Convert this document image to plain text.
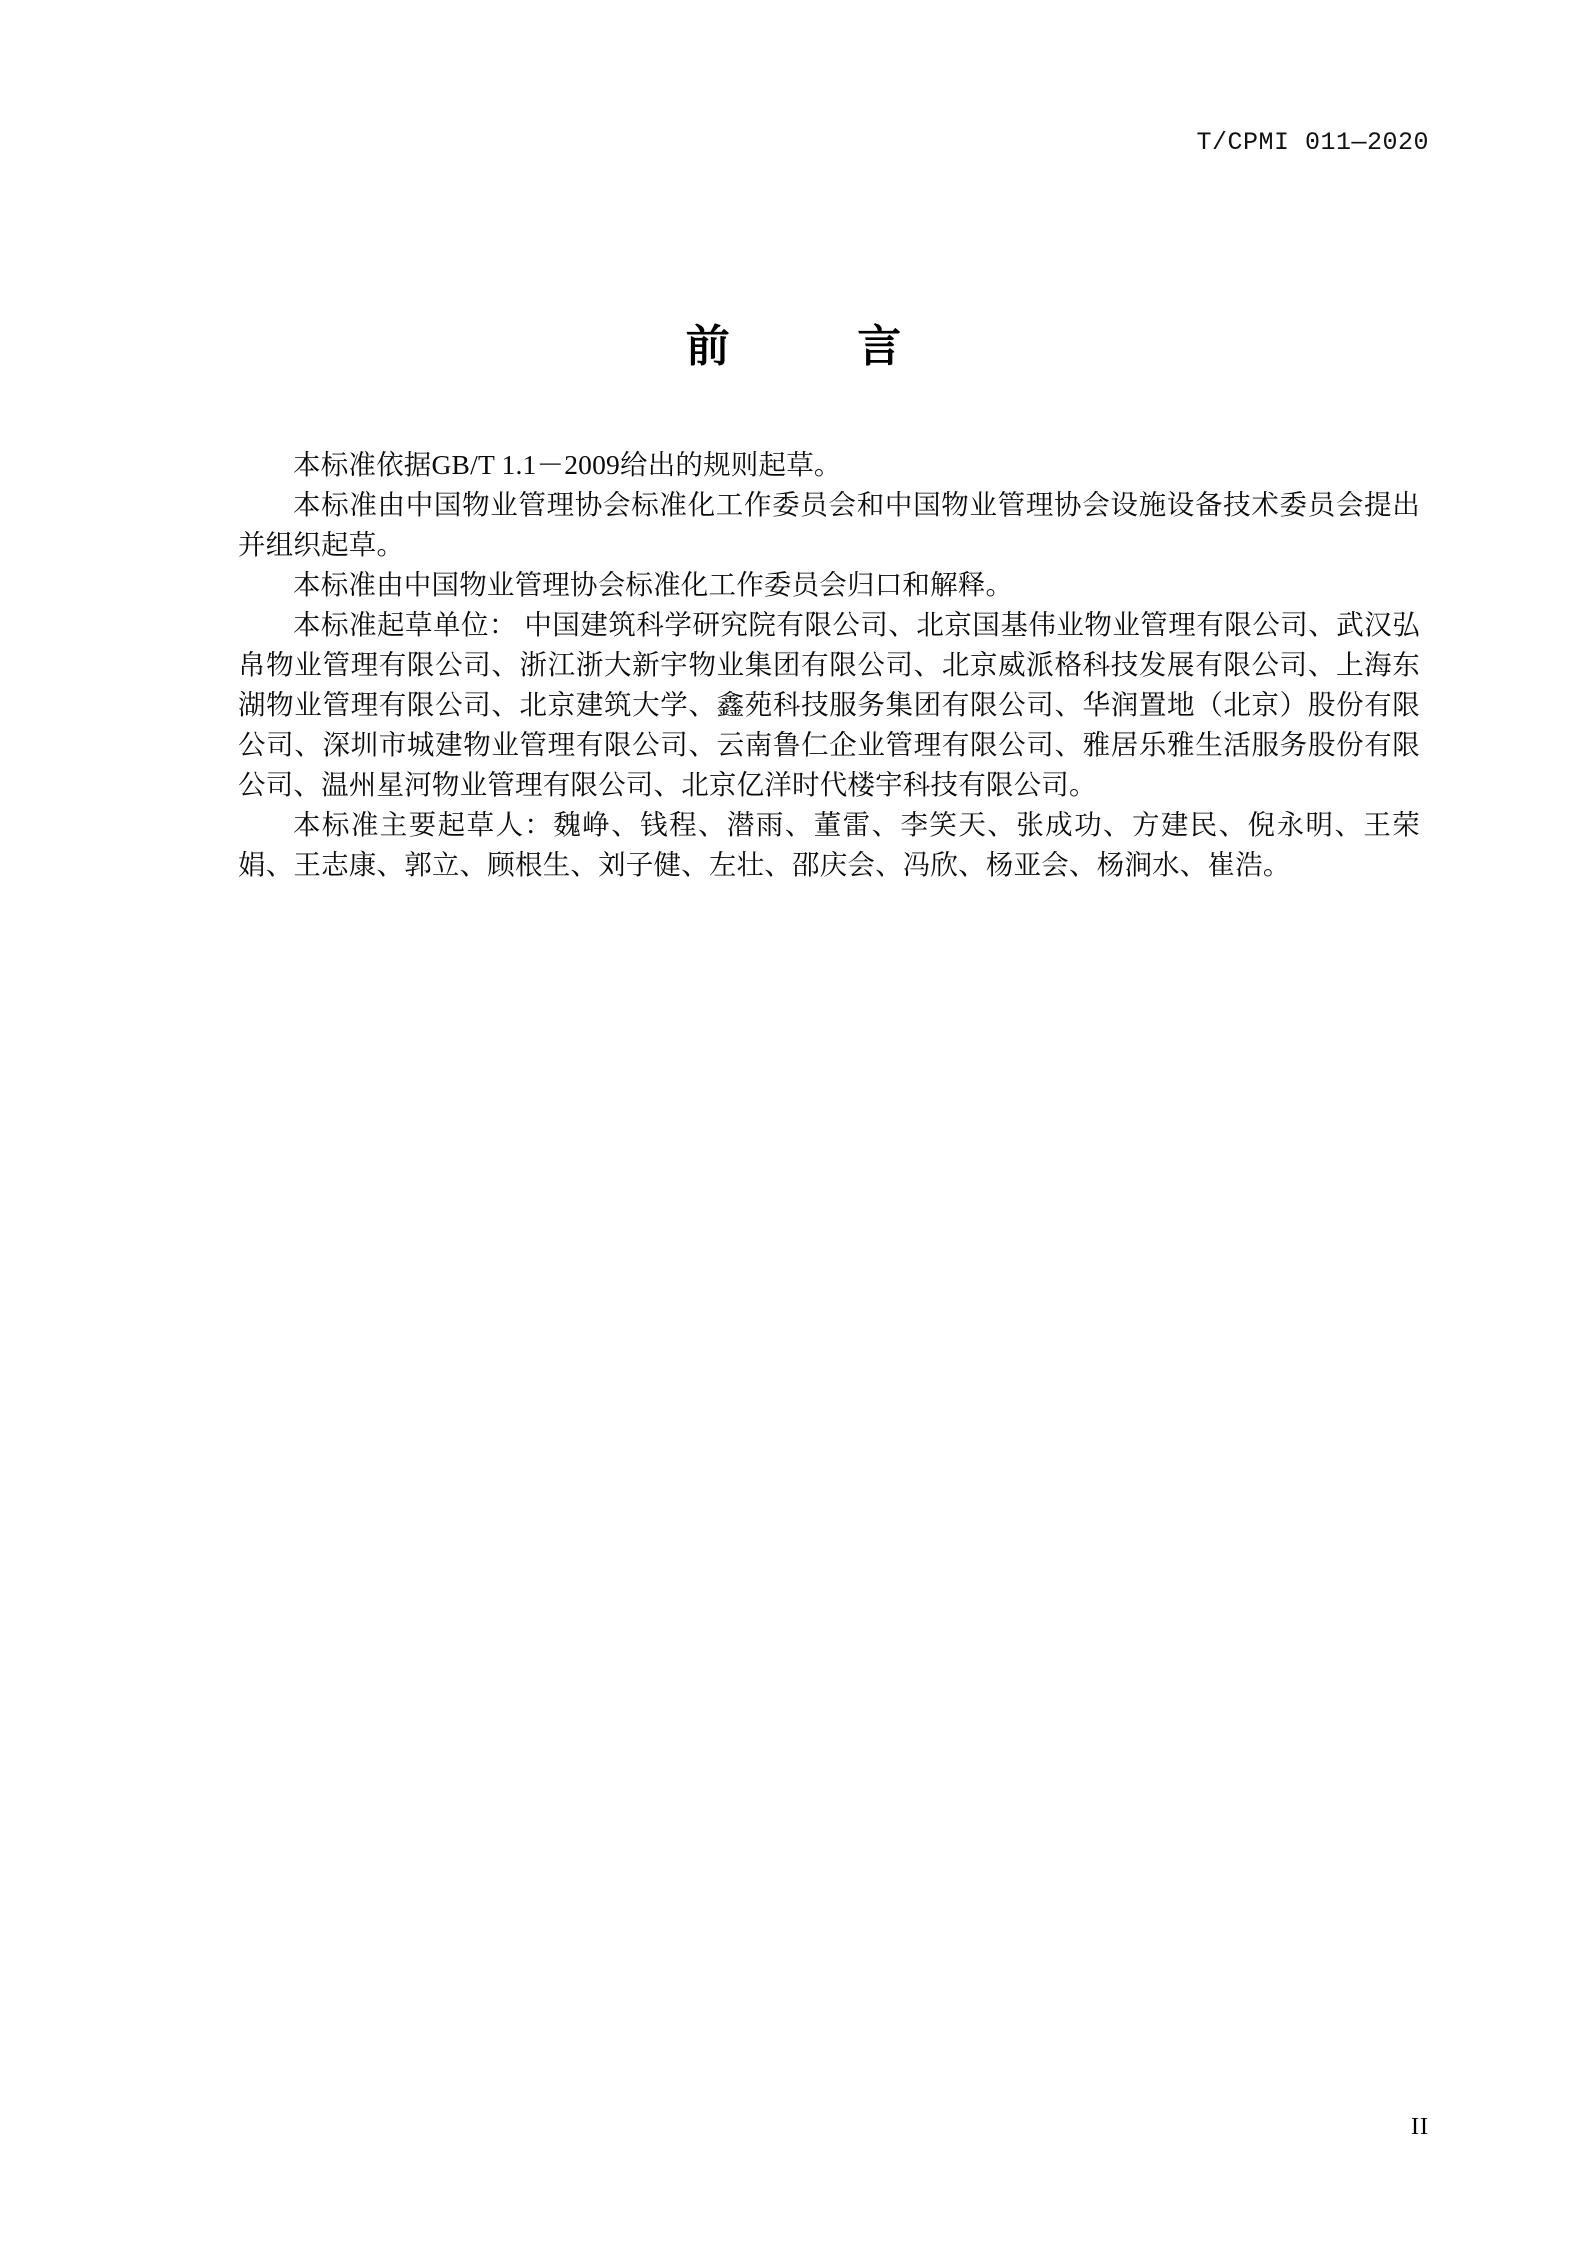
T/CPMI 011—2020
前　　言

本标准依据GB/T 1.1－2009给出的规则起草。

本标准由中国物业管理协会标准化工作委员会和中国物业管理协会设施设备技术委员会提出并组织起草。

本标准由中国物业管理协会标准化工作委员会归口和解释。

本标准起草单位： 中国建筑科学研究院有限公司、北京国基伟业物业管理有限公司、武汉弘帛物业管理有限公司、浙江浙大新宇物业集团有限公司、北京威派格科技发展有限公司、上海东湖物业管理有限公司、北京建筑大学、鑫苑科技服务集团有限公司、华润置地（北京）股份有限公司、深圳市城建物业管理有限公司、云南鲁仁企业管理有限公司、雅居乐雅生活服务股份有限公司、温州星河物业管理有限公司、北京亿洋时代楼宇科技有限公司。

本标准主要起草人：魏峥、钱程、潜雨、董雷、李笑天、张成功、方建民、倪永明、王荣娟、王志康、郭立、顾根生、刘子健、左壮、邵庆会、冯欣、杨亚会、杨涧水、崔浩。

II
